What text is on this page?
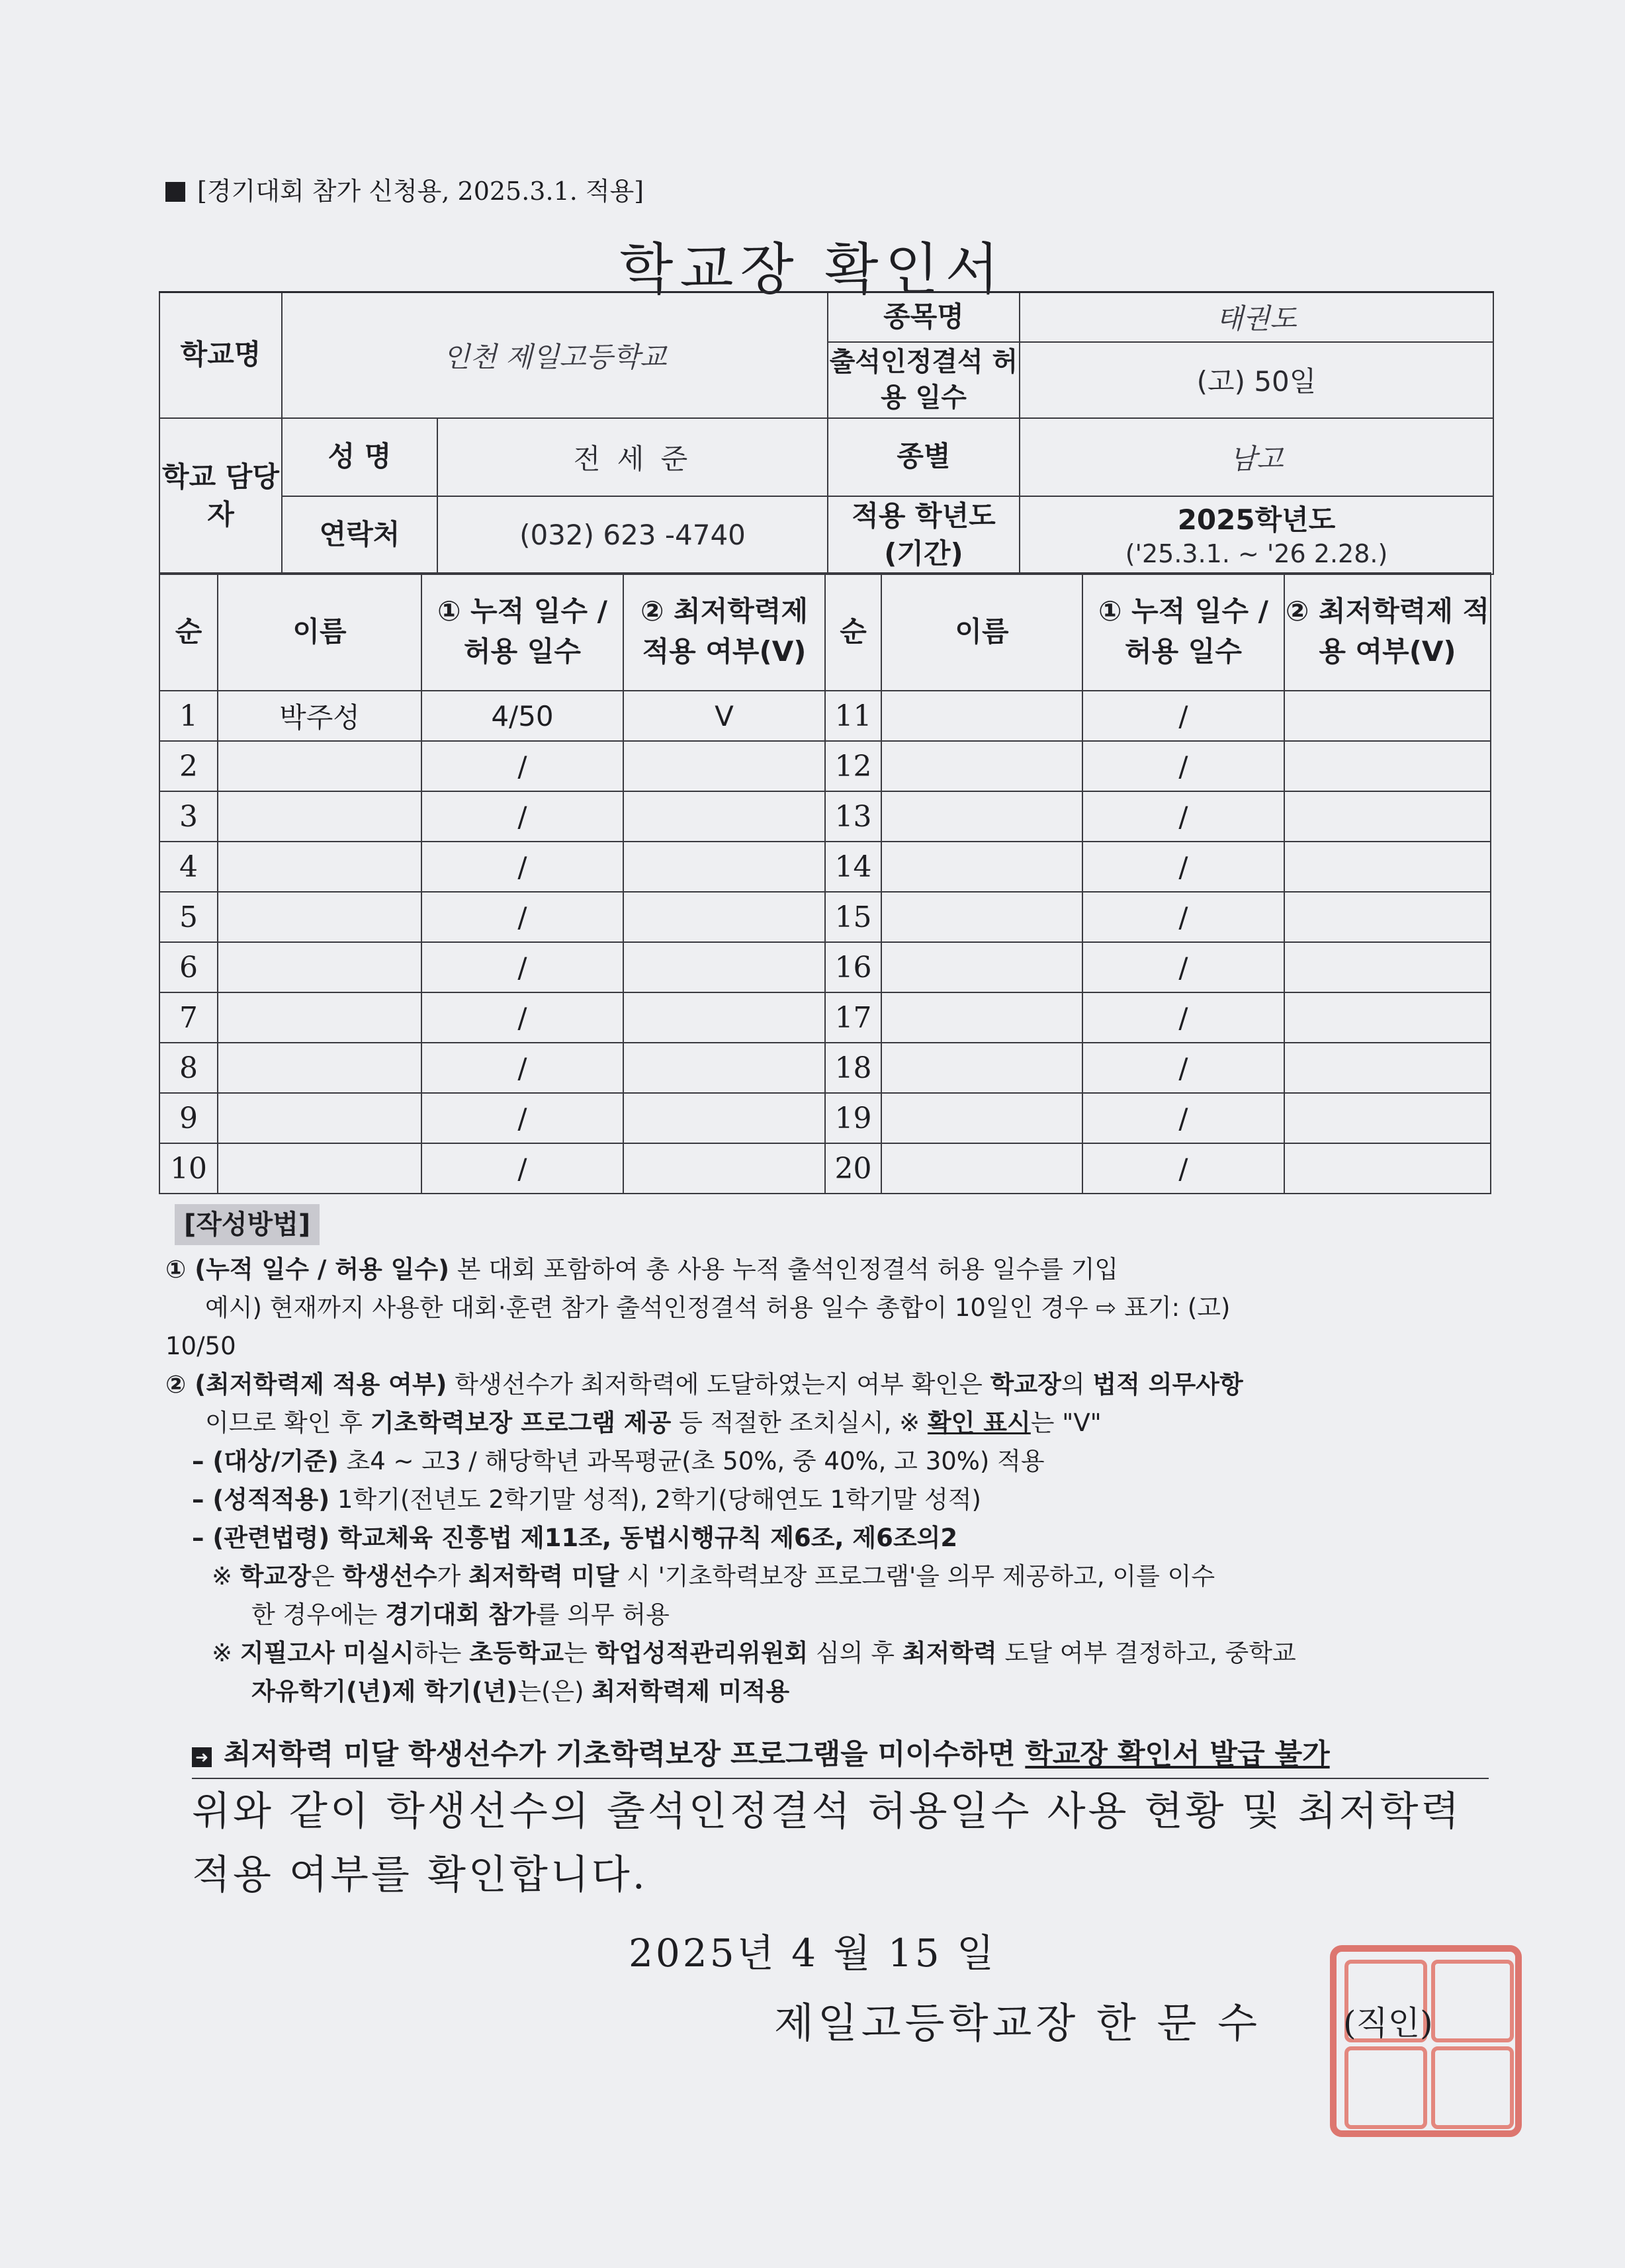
[경기대회 참가 신청용, 2025.3.1. 적용]
학교장 확인서
학교명	인천 제일고등학교		종목명	태권도
			출석인정결석 허용 일수	(고) 50일
학교 담당자	성 명	전 세 준	종별	남고
	연락처	(032) 623 -4740	적용 학년도 (기간)	2025학년도
('25.3.1. ~ '26 2.28.)
순	이름	① 누적 일수 / 허용 일수	② 최저학력제 적용 여부(V)	순	이름	① 누적 일수 / 허용 일수	② 최저학력제 적용 여부(V)
1	박주성	4/50	V	11		/	
2		/		12		/	
3		/		13		/	
4		/		14		/	
5		/		15		/	
6		/		16		/	
7		/		17		/	
8		/		18		/	
9		/		19		/	
10		/		20		/	

[작성방법]

① (누적 일수 / 허용 일수) 본 대회 포함하여 총 사용 누적 출석인정결석 허용 일수를 기입

예시) 현재까지 사용한 대회·훈련 참가 출석인정결석 허용 일수 총합이 10일인 경우 ⇨ 표기: (고)

10/50

② (최저학력제 적용 여부) 학생선수가 최저학력에 도달하였는지 여부 확인은 학교장의 법적 의무사항

이므로 확인 후 기초학력보장 프로그램 제공 등 적절한 조치실시, ※ 확인 표시는 "V"

– (대상/기준) 초4 ~ 고3 / 해당학년 과목평균(초 50%, 중 40%, 고 30%) 적용

– (성적적용) 1학기(전년도 2학기말 성적), 2학기(당해연도 1학기말 성적)

– (관련법령) 학교체육 진흥법 제11조, 동법시행규칙 제6조, 제6조의2

※ 학교장은 학생선수가 최저학력 미달 시 '기초학력보장 프로그램'을 의무 제공하고, 이를 이수

한 경우에는 경기대회 참가를 의무 허용

※ 지필고사 미실시하는 초등학교는 학업성적관리위원회 심의 후 최저학력 도달 여부 결정하고, 중학교

자유학기(년)제 학기(년)는(은) 최저학력제 미적용

➜ 최저학력 미달 학생선수가 기초학력보장 프로그램을 미이수하면 학교장 확인서 발급 불가
위와 같이 학생선수의 출석인정결석 허용일수 사용 현황 및 최저학력 적용 여부를 확인합니다.
2025년 4 월 15 일
제일고등학교장 한 문 수 (직인)
